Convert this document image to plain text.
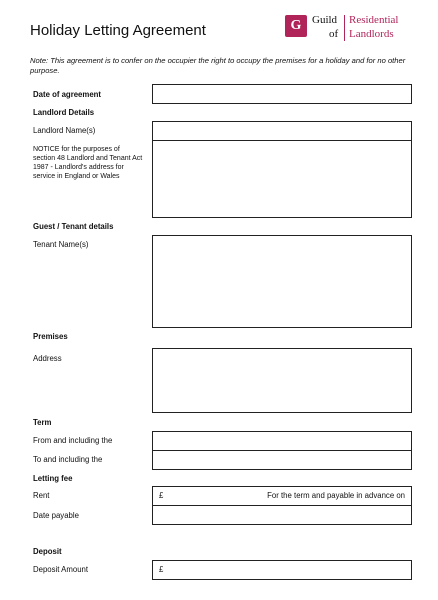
Holiday Letting Agreement	G Guild
of
Residential
Landlords
Note: This agreement is to confer on the occupier the right to occupy the premises for a holiday and for no other purpose.
Date of agreement
Landlord Details
Landlord Name(s)
NOTICE for the purposes of section 48 Landlord and Tenant Act 1987 - Landlord's address for service in England or Wales
Guest / Tenant details
Tenant Name(s)
Premises
Address
Term
From and including the
To and including the
Letting fee
Rent	£	For the term and payable in advance on
Date payable
Deposit
Deposit Amount	£
